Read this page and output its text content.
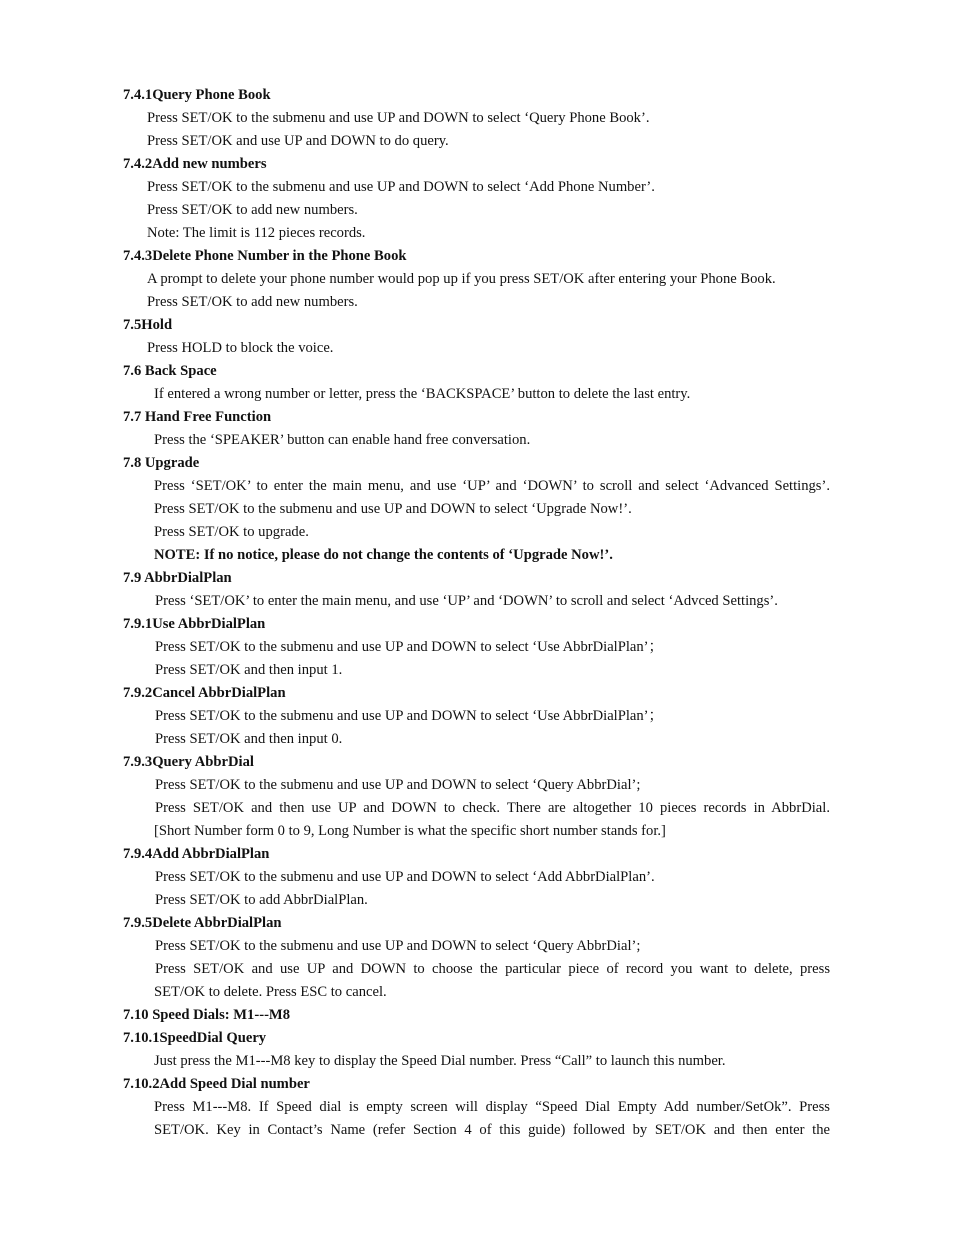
7.4.1Query Phone Book
Press SET/OK to the submenu and use UP and DOWN to select ‘Query Phone Book’.
Press SET/OK and use UP and DOWN to do query.
7.4.2Add new numbers
Press SET/OK to the submenu and use UP and DOWN to select ‘Add Phone Number’.
Press SET/OK to add new numbers.
Note: The limit is 112 pieces records.
7.4.3Delete Phone Number in the Phone Book
A prompt to delete your phone number would pop up if you press SET/OK after entering your Phone Book.
Press SET/OK to add new numbers.
7.5Hold
Press HOLD to block the voice.
7.6 Back Space
If entered a wrong number or letter, press the ‘BACKSPACE’ button to delete the last entry.
7.7 Hand Free Function
Press the ‘SPEAKER’ button can enable hand free conversation.
7.8 Upgrade
Press ‘SET/OK’ to enter the main menu, and use ‘UP’ and ‘DOWN’ to scroll and select ‘Advanced Settings’.
Press SET/OK to the submenu and use UP and DOWN to select ‘Upgrade Now!’.
Press SET/OK to upgrade.
NOTE: If no notice, please do not change the contents of ‘Upgrade Now!’.
7.9 AbbrDialPlan
Press ‘SET/OK’ to enter the main menu, and use ‘UP’ and ‘DOWN’ to scroll and select ‘Advced Settings’.
7.9.1Use AbbrDialPlan
Press SET/OK to the submenu and use UP and DOWN to select ‘Use AbbrDialPlan’；
Press SET/OK and then input 1.
7.9.2Cancel AbbrDialPlan
Press SET/OK to the submenu and use UP and DOWN to select ‘Use AbbrDialPlan’；
Press SET/OK and then input 0.
7.9.3Query AbbrDial
Press SET/OK to the submenu and use UP and DOWN to select ‘Query AbbrDial’;
Press SET/OK and then use UP and DOWN to check. There are altogether 10 pieces records in AbbrDial.
[Short Number form 0 to 9, Long Number is what the specific short number stands for.]
7.9.4Add AbbrDialPlan
Press SET/OK to the submenu and use UP and DOWN to select ‘Add AbbrDialPlan’.
Press SET/OK to add AbbrDialPlan.
7.9.5Delete AbbrDialPlan
Press SET/OK to the submenu and use UP and DOWN to select ‘Query AbbrDial’;
Press SET/OK and use UP and DOWN to choose the particular piece of record you want to delete, press
SET/OK to delete. Press ESC to cancel.
7.10 Speed Dials: M1---M8
7.10.1SpeedDial Query
Just press the M1---M8 key to display the Speed Dial number. Press “Call” to launch this number.
7.10.2Add Speed Dial number
Press M1---M8. If Speed dial is empty screen will display “Speed Dial Empty Add number/SetOk”. Press
SET/OK. Key in Contact’s Name (refer Section 4 of this guide) followed by SET/OK and then enter the
